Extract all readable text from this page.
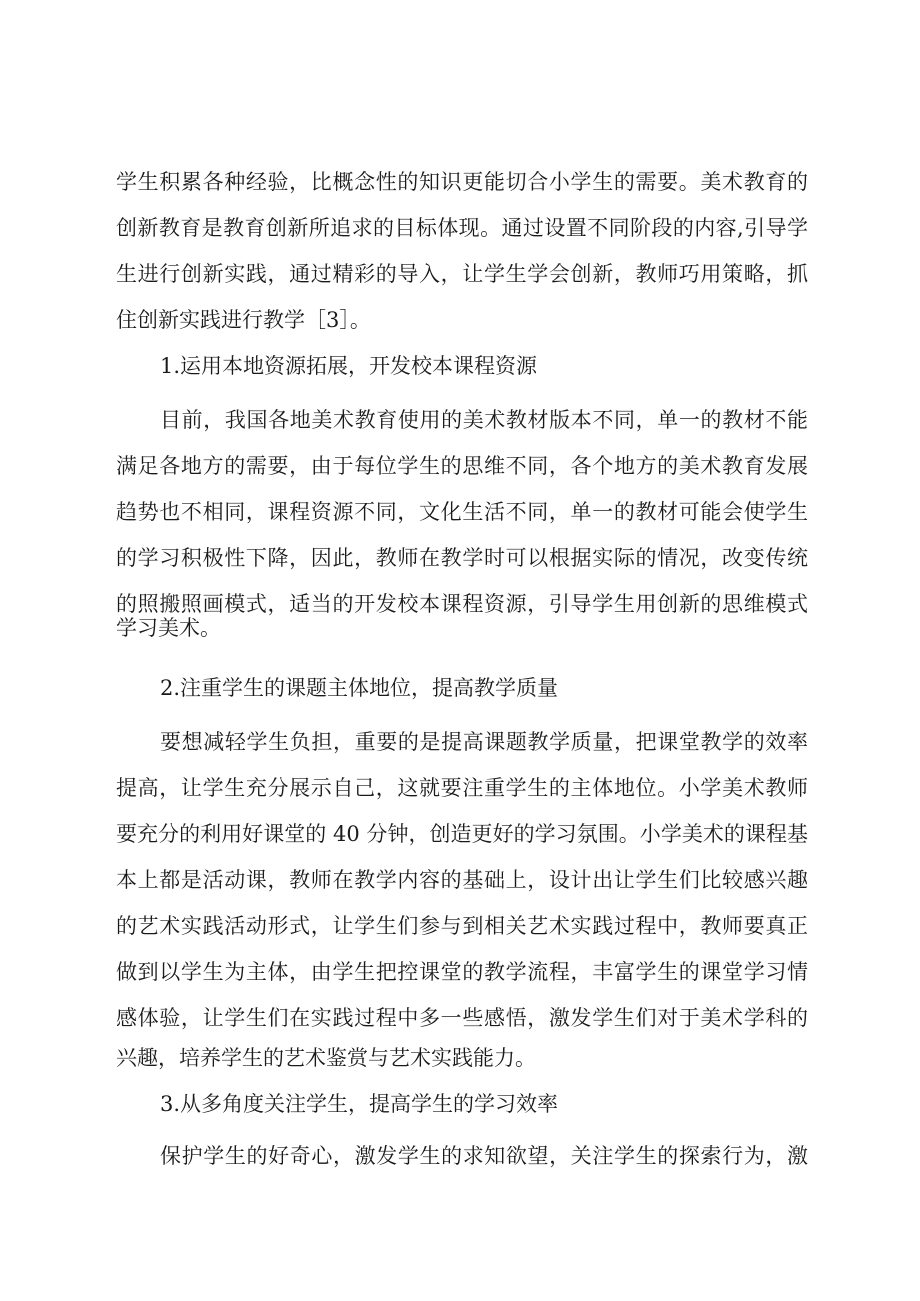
学生积累各种经验，比概念性的知识更能切合小学生的需要。美术教育的

创新教育是教育创新所追求的目标体现。通过设置不同阶段的内容,引导学

生进行创新实践，通过精彩的导入，让学生学会创新，教师巧用策略，抓

住创新实践进行教学［3］。

1.运用本地资源拓展，开发校本课程资源

目前，我国各地美术教育使用的美术教材版本不同，单一的教材不能

满足各地方的需要，由于每位学生的思维不同，各个地方的美术教育发展

趋势也不相同，课程资源不同，文化生活不同，单一的教材可能会使学生

的学习积极性下降，因此，教师在教学时可以根据实际的情况，改变传统

的照搬照画模式，适当的开发校本课程资源，引导学生用创新的思维模式

学习美术。

2.注重学生的课题主体地位，提高教学质量

要想减轻学生负担，重要的是提高课题教学质量，把课堂教学的效率

提高，让学生充分展示自己，这就要注重学生的主体地位。小学美术教师

要充分的利用好课堂的 40 分钟，创造更好的学习氛围。小学美术的课程基

本上都是活动课，教师在教学内容的基础上，设计出让学生们比较感兴趣

的艺术实践活动形式，让学生们参与到相关艺术实践过程中，教师要真正

做到以学生为主体，由学生把控课堂的教学流程，丰富学生的课堂学习情

感体验，让学生们在实践过程中多一些感悟，激发学生们对于美术学科的

兴趣，培养学生的艺术鉴赏与艺术实践能力。

3.从多角度关注学生，提高学生的学习效率

保护学生的好奇心，激发学生的求知欲望，关注学生的探索行为，激
